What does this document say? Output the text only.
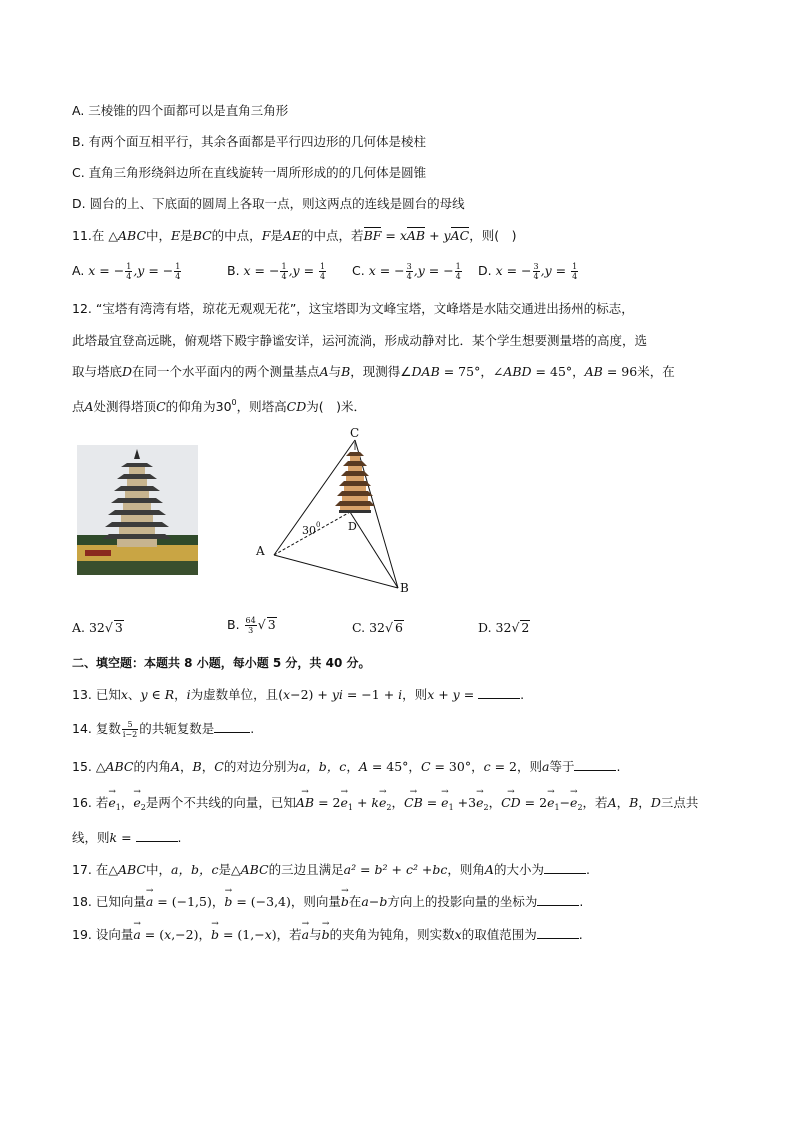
A. 三棱锥的四个面都可以是直角三角形
B. 有两个面互相平行，其余各面都是平行四边形的几何体是棱柱
C. 直角三角形绕斜边所在直线旋转一周所形成的的几何体是圆锥
D. 圆台的上、下底面的圆周上各取一点，则这两点的连线是圆台的母线
11.在 △ABC中，E是BC的中点，F是AE的中点，若BF = xAB + yAC，则(　)
A. x = − $\frac{1}{4} ,y$ = − $\frac{1}{4}$	B. x = − $\frac{1}{4} ,y = \frac{1}{4} C$. x = − $\frac{3}{4} ,y$ = − $\frac{1}{4} D$. x = − $\frac{3}{4} ,y = \frac{1}{4}$
12. “宝塔有湾湾有塔，琼花无观观无花”，这宝塔即为文峰宝塔，文峰塔是水陆交通进出扬州的标志，
此塔最宜登高远眺，俯观塔下殿宇静谧安详，运河流淌，形成动静对比．某个学生想要测量塔的高度，选
取与塔底D在同一个水平面内的两个测量基点A与B，现测得∠DAB = 75°，∠ABD = 45°，AB = 96米，在
点A处测得塔顶C的仰角为$30^0$，则塔高CD为(　)米．
C
D
A
B
30 0
A. 32√ 3	B. $\frac{64}{3}$ √ 3	C. 32√ 6	D. 32√ 2
二、填空题：本题共 8 小题，每小题 5 分，共 40 分。
13. 已知x、y ∈ R，i为虚数单位，且(x−2) + yi = −1 + i，则x + y =	.
14. 复数 $\frac{5}{i-2}$ 的共轭复数是	.
15. △ABC的内角A，B，C的对边分别为a，b，c，A = 45°，C = 30°，c = 2，则a等于	.
16. 若$e \to_1$，$e \to_2$是两个不共线的向量，已知AB → = $2e \to_1$ + ke $\to_2$，CB → = $e \to_1 +3e \to_2$，CD → = $2e \to_1-e \to_2$，若A，B，D三点共
线，则k =	.
17. 在△ABC中，a，b，c是△ABC的三边且满足a² = b² + c² +bc，则角A的大小为	.
18. 已知向量a → = (−1,5)，b → = (−3,4)，则向量b →在a−b方向上的投影向量的坐标为	.
19. 设向量a → = (x,−2)，b → = (1,−x)，若a →与b →的夹角为钝角，则实数x的取值范围为	.
